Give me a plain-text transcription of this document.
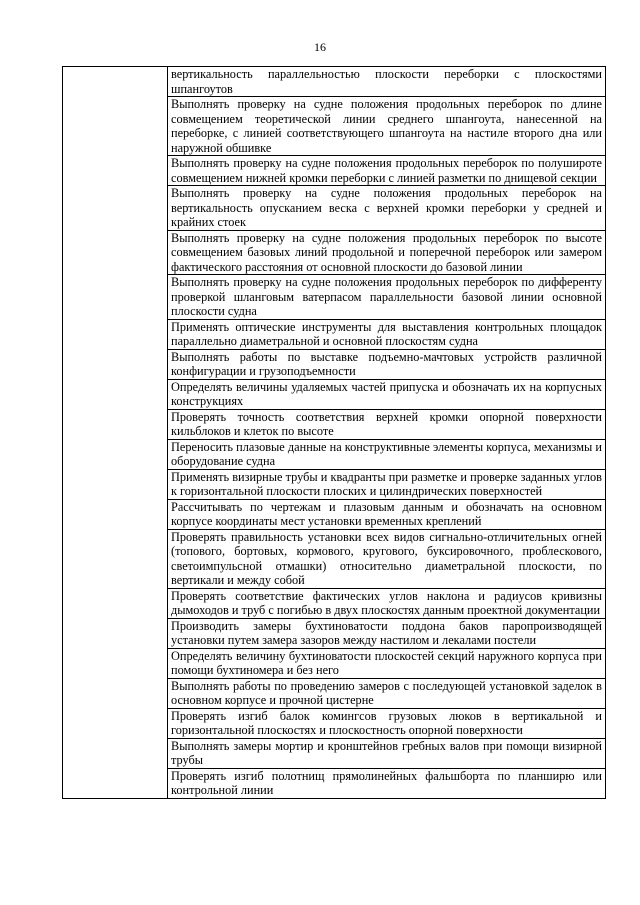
16

вертикальность параллельностью плоскости переборки с плоскостями шпангоутов

Выполнять проверку на судне положения продольных переборок по длине совмещением теоретической линии среднего шпангоута, нанесенной на переборке, с линией соответствующего шпангоута на настиле второго дна или наружной обшивке

Выполнять проверку на судне положения продольных переборок по полушироте совмещением нижней кромки переборки с линией разметки по днищевой секции

Выполнять проверку на судне положения продольных переборок на вертикальность опусканием веска с верхней кромки переборки у средней и крайних стоек

Выполнять проверку на судне положения продольных переборок по высоте совмещением базовых линий продольной и поперечной переборок или замером фактического расстояния от основной плоскости до базовой линии

Выполнять проверку на судне положения продольных переборок по дифференту проверкой шланговым ватерпасом параллельности базовой линии основной плоскости судна

Применять оптические инструменты для выставления контрольных площадок параллельно диаметральной и основной плоскостям судна

Выполнять работы по выставке подъемно-мачтовых устройств различной конфигурации и грузоподъемности

Определять величины удаляемых частей припуска и обозначать их на корпусных конструкциях

Проверять точность соответствия верхней кромки опорной поверхности кильблоков и клеток по высоте

Переносить плазовые данные на конструктивные элементы корпуса, механизмы и оборудование судна

Применять визирные трубы и квадранты при разметке и проверке заданных углов к горизонтальной плоскости плоских и цилиндрических поверхностей

Рассчитывать по чертежам и плазовым данным и обозначать на основном корпусе координаты мест установки временных креплений

Проверять правильность установки всех видов сигнально-отличительных огней (топового, бортовых, кормового, кругового, буксировочного, проблескового, светоимпульсной отмашки) относительно диаметральной плоскости, по вертикали и между собой

Проверять соответствие фактических углов наклона и радиусов кривизны дымоходов и труб с погибью в двух плоскостях данным проектной документации

Производить замеры бухтиноватости поддона баков паропроизводящей установки путем замера зазоров между настилом и лекалами постели

Определять величину бухтиноватости плоскостей секций наружного корпуса при помощи бухтиномера и без него

Выполнять работы по проведению замеров с последующей установкой заделок в основном корпусе и прочной цистерне

Проверять изгиб балок комингсов грузовых люков в вертикальной и горизонтальной плоскостях и плоскостность опорной поверхности

Выполнять замеры мортир и кронштейнов гребных валов при помощи визирной трубы

Проверять изгиб полотнищ прямолинейных фальшборта по планширю или контрольной линии
